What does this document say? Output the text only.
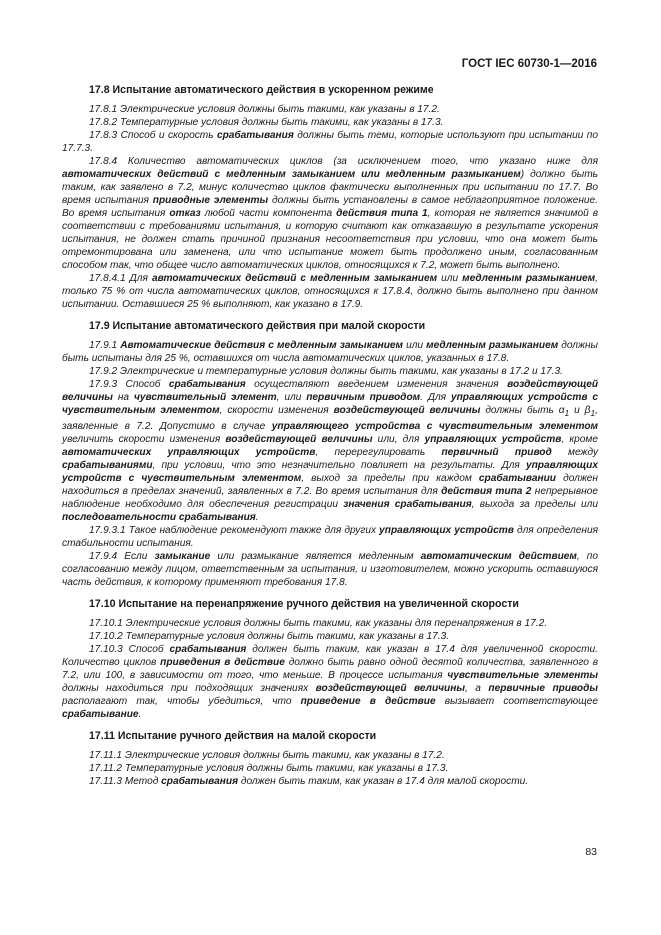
ГОСТ IEC 60730-1—2016

17.8 Испытание автоматического действия в ускоренном режиме

17.8.1 Электрические условия должны быть такими, как указаны в 17.2.

17.8.2 Температурные условия должны быть такими, как указаны в 17.3.

17.8.3 Способ и скорость срабатывания должны быть теми, которые используют при испытании по 17.7.3.

17.8.4 Количество автоматических циклов (за исключением того, что указано ниже для автоматических действий с медленным замыканием или медленным размыканием) должно быть таким, как заявлено в 7.2, минус количество циклов фактически выполненных при испытании по 17.7. Во время испытания приводные элементы должны быть установлены в самое неблагоприятное положение. Во время испытания отказ любой части компонента действия типа 1, которая не является значимой в соответствии с требованиями испытания, и которую считают как отказавшую в результате ускорения испытания, не должен стать причиной признания несоответствия при условии, что она может быть отремонтирована или заменена, или что испытание может быть продолжено иным, согласованным способом так, что общее число автоматических циклов, относящихся к 7.2, может быть выполнено.

17.8.4.1 Для автоматических действий с медленным замыканием или медленным размыканием, только 75 % от числа автоматических циклов, относящихся к 17.8.4, должно быть выполнено при данном испытании. Оставшиеся 25 % выполняют, как указано в 17.9.

17.9 Испытание автоматического действия при малой скорости

17.9.1 Автоматические действия с медленным замыканием или медленным размыканием должны быть испытаны для 25 %, оставшихся от числа автоматических циклов, указанных в 17.8.

17.9.2 Электрические и температурные условия должны быть такими, как указаны в 17.2 и 17.3.

17.9.3 Способ срабатывания осуществляют введением изменения значения воздействующей величины на чувствительный элемент, или первичным приводом. Для управляющих устройств с чувствительным элементом, скорости изменения воздействующей величины должны быть $\alpha_1$ и $\beta_1$, заявленные в 7.2. Допустимо в случае управляющего устройства с чувствительным элементом увеличить скорости изменения воздействующей величины или, для управляющих устройств, кроме автоматических управляющих устройств, перерегулировать первичный привод между срабатываниями, при условии, что это незначительно повлияет на результаты. Для управляющих устройств с чувствительным элементом, выход за пределы при каждом срабатывании должен находиться в пределах значений, заявленных в 7.2. Во время испытания для действия типа 2 непрерывное наблюдение необходимо для обеспечения регистрации значения срабатывания, выхода за пределы или последовательности срабатывания.

17.9.3.1 Такое наблюдение рекомендуют также для других управляющих устройств для определения стабильности испытания.

17.9.4 Если замыкание или размыкание является медленным автоматическим действием, по согласованию между лицом, ответственным за испытания, и изготовителем, можно ускорить оставшуюся часть действия, к которому применяют требования 17.8.

17.10 Испытание на перенапряжение ручного действия на увеличенной скорости

17.10.1 Электрические условия должны быть такими, как указаны для перенапряжения в 17.2.

17.10.2 Температурные условия должны быть такими, как указаны в 17.3.

17.10.3 Способ срабатывания должен быть таким, как указан в 17.4 для увеличенной скорости. Количество циклов приведения в действие должно быть равно одной десятой количества, заявленного в 7.2, или 100, в зависимости от того, что меньше. В процессе испытания чувствительные элементы должны находиться при подходящих значениях воздействующей величины, а первичные приводы располагают так, чтобы убедиться, что приведение в действие вызывает соответствующее срабатывание.

17.11 Испытание ручного действия на малой скорости

17.11.1 Электрические условия должны быть такими, как указаны в 17.2.

17.11.2 Температурные условия должны быть такими, как указаны в 17.3.

17.11.3 Метод срабатывания должен быть таким, как указан в 17.4 для малой скорости.

83
